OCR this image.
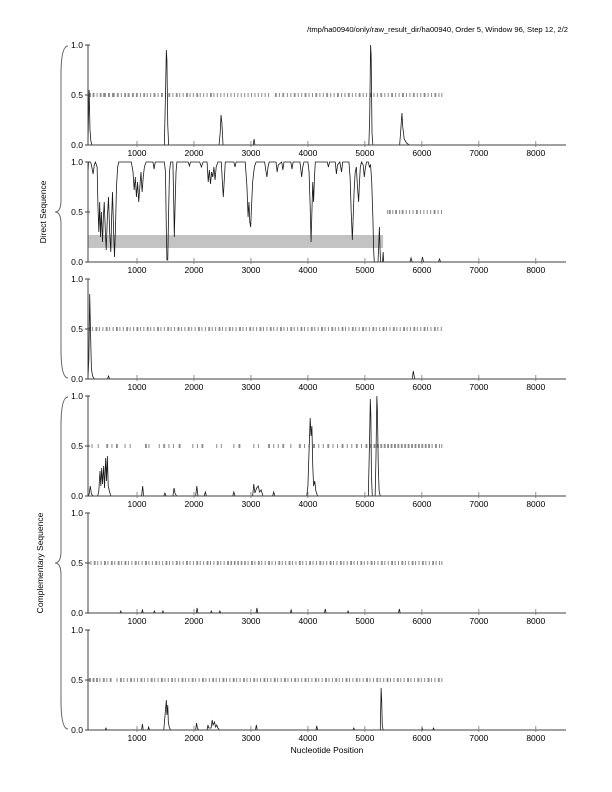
/tmp/ha00940/only/raw_result_dir/ha00940, Order 5, Window 96, Step 12, 2/2
1000	2000	3000	4000	5000	6000	7000	8000
0.0
0.5
1.0
1000	2000	3000	4000	5000	6000	7000	8000
0.0
0.5
1.0
1000	2000	3000	4000	5000	6000	7000	8000
0.0
0.5
1.0
1000	2000	3000	4000	5000	6000	7000	8000
0.0
0.5
1.0
1000	2000	3000	4000	5000	6000	7000	8000
0.0
0.5
1.0
1000	2000	3000	4000	5000	6000	7000	8000
0.0
0.5
1.0
Direct Sequence
Complementary Sequence
Nucleotide Position
